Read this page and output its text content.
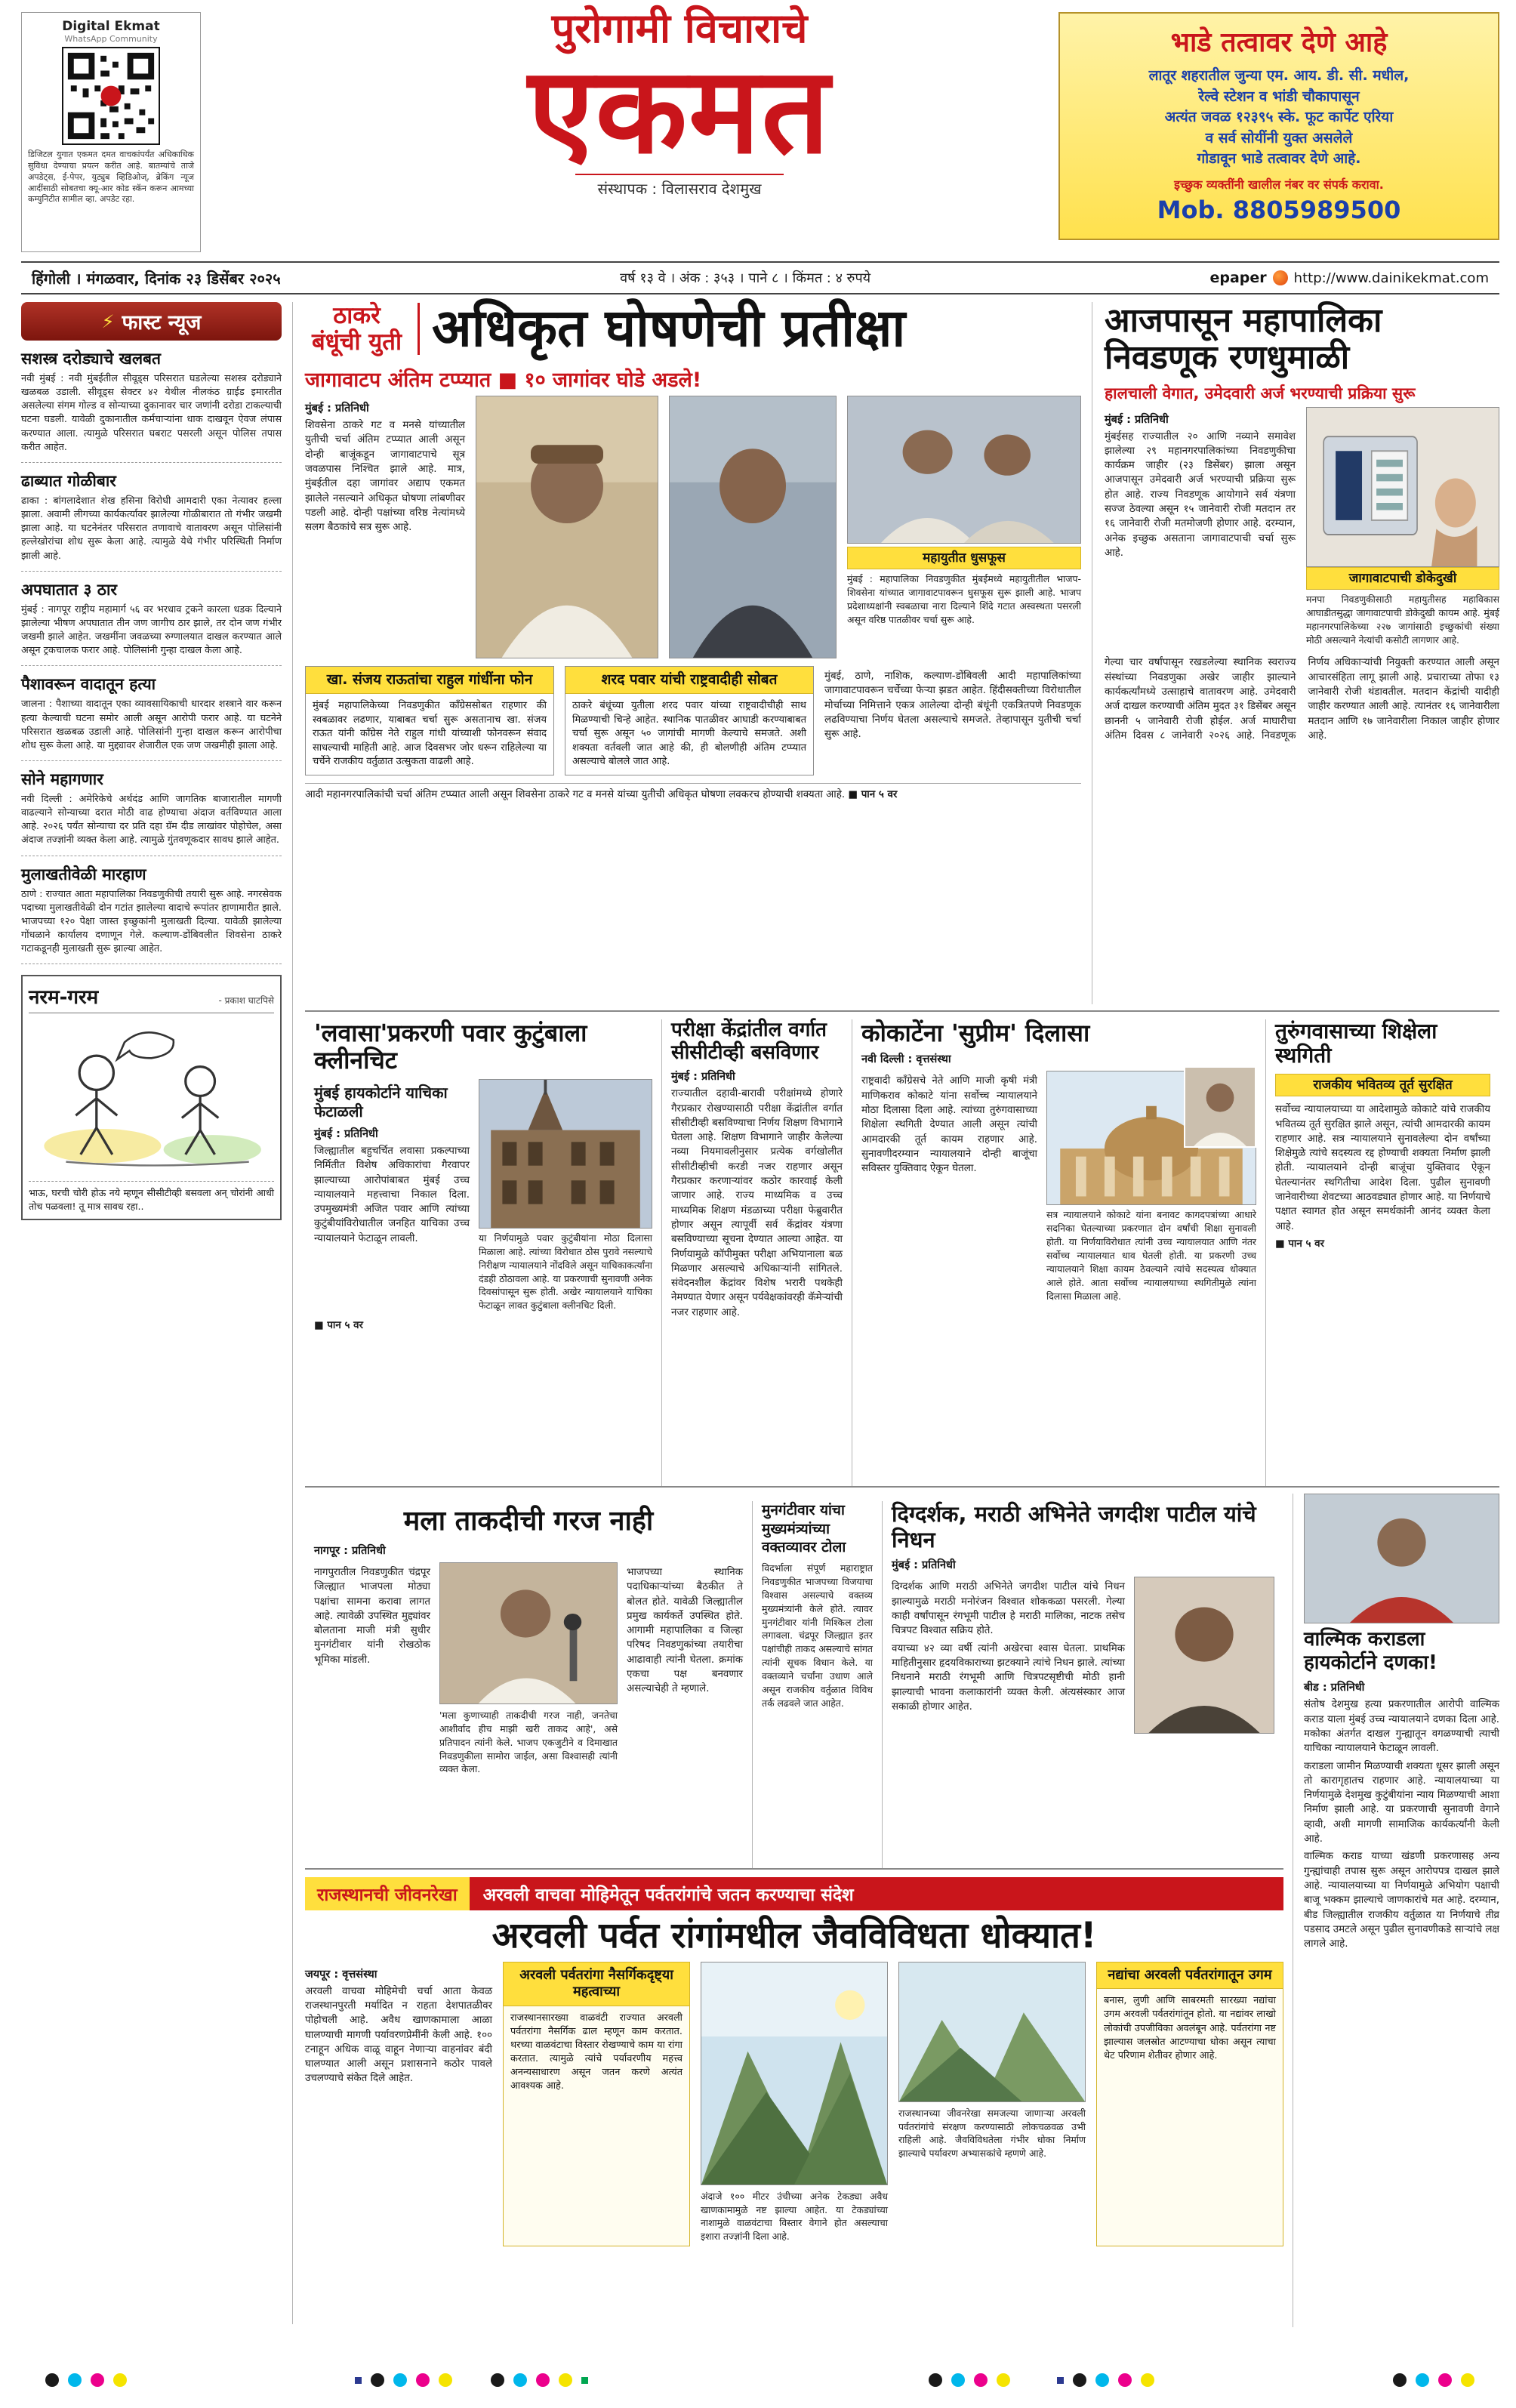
Digital Ekmat
WhatsApp Community

डिजिटल युगात एकमत दमत वाचकांपर्यंत अधिकाधिक सुविधा देण्याचा प्रयत्न करीत आहे. बातम्यांचे ताजे अपडेट्स, ई-पेपर, युट्युब व्हिडिओज्, ब्रेकिंग न्यूज आदींसाठी सोबतचा क्यू-आर कोड स्कॅन करून आमच्या कम्युनिटीत सामील व्हा. अपडेट रहा.

पुरोगामी विचाराचे
एकमत
संस्थापक : विलासराव देशमुख
भाडे तत्वावर देणे आहे
लातूर शहरातील जुन्या एम. आय. डी. सी. मधील,
रेल्वे स्टेशन व भांडी चौकापासून
अत्यंत जवळ १२३९५ स्के. फूट कार्पेट एरिया
व सर्व सोयींनी युक्त असलेले
गोडावून भाडे तत्वावर देणे आहे.
इच्छुक व्यक्तींनी खालील नंबर वर संपर्क करावा.
Mob. 8805989500
हिंगोली । मंगळवार, दिनांक २३ डिसेंबर २०२५	वर्ष १३ वे । अंक : ३५३ । पाने ८ । किंमत : ४ रुपये	epaper http://www.dainikekmat.com
⚡ फास्ट न्यूज
सशस्त्र दरोड्याचे खलबत

नवी मुंबई : नवी मुंबईतील सीवूड्स परिसरात घडलेल्या सशस्त्र दरोड्याने खळबळ उडाली. सीवूड्स सेक्टर ४२ येथील नीलकंठ ग्राईड इमारतीत असलेल्या संगम गोल्ड व सोन्याच्या दुकानावर चार जणांनी दरोडा टाकल्याची घटना घडली. यावेळी दुकानातील कर्मचाऱ्यांना धाक दाखवून ऐवज लंपास करण्यात आला. त्यामुळे परिसरात घबराट पसरली असून पोलिस तपास करीत आहेत.

ढाब्यात गोळीबार

ढाका : बांगलादेशात शेख हसिना विरोधी आमदारी एका नेत्यावर हल्ला झाला. अवामी लीगच्या कार्यकर्त्यावर झालेल्या गोळीबारात तो गंभीर जखमी झाला आहे. या घटनेनंतर परिसरात तणावाचे वातावरण असून पोलिसांनी हल्लेखोरांचा शोध सुरू केला आहे. त्यामुळे येथे गंभीर परिस्थिती निर्माण झाली आहे.

अपघातात ३ ठार

मुंबई : नागपूर राष्ट्रीय महामार्ग ५६ वर भरधाव ट्रकने कारला धडक दिल्याने झालेल्या भीषण अपघातात तीन जण जागीच ठार झाले, तर दोन जण गंभीर जखमी झाले आहेत. जखमींना जवळच्या रुग्णालयात दाखल करण्यात आले असून ट्रकचालक फरार आहे. पोलिसांनी गुन्हा दाखल केला आहे.

पैशावरून वादातून हत्या

जालना : पैशाच्या वादातून एका व्यावसायिकाची धारदार शस्त्राने वार करून हत्या केल्याची घटना समोर आली असून आरोपी फरार आहे. या घटनेने परिसरात खळबळ उडाली आहे. पोलिसांनी गुन्हा दाखल करून आरोपीचा शोध सुरू केला आहे. या मुद्द्यावर शेजारील एक जण जखमीही झाला आहे.

सोने महागणार

नवी दिल्ली : अमेरिकेचे अर्थदंड आणि जागतिक बाजारातील मागणी वाढल्याने सोन्याच्या दरात मोठी वाढ होण्याचा अंदाज वर्तविण्यात आला आहे. २०२६ पर्यंत सोन्याचा दर प्रति दहा ग्रॅम दीड लाखांवर पोहोचेल, असा अंदाज तज्ज्ञांनी व्यक्त केला आहे. त्यामुळे गुंतवणूकदार सावध झाले आहेत.

मुलाखतीवेळी मारहाण

ठाणे : राज्यात आता महापालिका निवडणुकीची तयारी सुरू आहे. नगरसेवक पदाच्या मुलाखतीवेळी दोन गटांत झालेल्या वादाचे रूपांतर हाणामारीत झाले. भाजपच्या १२० पेक्षा जास्त इच्छुकांनी मुलाखती दिल्या. यावेळी झालेल्या गोंधळाने कार्यालय दणाणून गेले. कल्याण-डोंबिवलीत शिवसेना ठाकरे गटाकडूनही मुलाखती सुरू झाल्या आहेत.

नरम-गरम	- प्रकाश घाटपिसे

भाऊ, घरची चोरी होऊ नये म्हणून सीसीटीव्ही बसवला अन् चोरांनी आधी तोच पळवला! तू मात्र सावध रहा..

ठाकरे बंधूंची युती अधिकृत घोषणेची प्रतीक्षा
जागावाटप अंतिम टप्प्यात ■ १० जागांवर घोडे अडले!

मुंबई : प्रतिनिधी

शिवसेना ठाकरे गट व मनसे यांच्यातील युतीची चर्चा अंतिम टप्प्यात आली असून दोन्ही बाजूंकडून जागावाटपाचे सूत्र जवळपास निश्चित झाले आहे. मात्र, मुंबईतील दहा जागांवर अद्याप एकमत झालेले नसल्याने अधिकृत घोषणा लांबणीवर पडली आहे. दोन्ही पक्षांच्या वरिष्ठ नेत्यांमध्ये सलग बैठकांचे सत्र सुरू आहे.

महायुतीत धुसफूस

मुंबई : महापालिका निवडणुकीत मुंबईमध्ये महायुतीतील भाजप-शिवसेना यांच्यात जागावाटपावरून धुसफूस सुरू झाली आहे. भाजप प्रदेशाध्यक्षांनी स्वबळाचा नारा दिल्याने शिंदे गटात अस्वस्थता पसरली असून वरिष्ठ पातळीवर चर्चा सुरू आहे.

खा. संजय राऊतांचा राहुल गांधींना फोन

मुंबई महापालिकेच्या निवडणुकीत काँग्रेससोबत राहणार की स्वबळावर लढणार, याबाबत चर्चा सुरू असतानाच खा. संजय राऊत यांनी काँग्रेस नेते राहुल गांधी यांच्याशी फोनवरून संवाद साधल्याची माहिती आहे. आज दिवसभर जोर धरून राहिलेल्या या चर्चेने राजकीय वर्तुळात उत्सुकता वाढली आहे.

शरद पवार यांची राष्ट्रवादीही सोबत

ठाकरे बंधूंच्या युतीला शरद पवार यांच्या राष्ट्रवादीचीही साथ मिळण्याची चिन्हे आहेत. स्थानिक पातळीवर आघाडी करण्याबाबत चर्चा सुरू असून ५० जागांची मागणी केल्याचे समजते. अशी शक्यता वर्तवली जात आहे की, ही बोलणीही अंतिम टप्प्यात असल्याचे बोलले जात आहे.

मुंबई, ठाणे, नाशिक, कल्याण-डोंबिवली आदी महापालिकांच्या जागावाटपावरून चर्चेच्या फेऱ्या झडत आहेत. हिंदीसक्तीच्या विरोधातील मोर्चाच्या निमित्ताने एकत्र आलेल्या दोन्ही बंधूंनी एकत्रितपणे निवडणूक लढविण्याचा निर्णय घेतला असल्याचे समजते. तेव्हापासून युतीची चर्चा सुरू आहे.

आदी महानगरपालिकांची चर्चा अंतिम टप्प्यात आली असून शिवसेना ठाकरे गट व मनसे यांच्या युतीची अधिकृत घोषणा लवकरच होण्याची शक्यता आहे. ■ पान ५ वर

आजपासून महापालिका निवडणूक रणधुमाळी
हालचाली वेगात, उमेदवारी अर्ज भरण्याची प्रक्रिया सुरू

मुंबई : प्रतिनिधी

मुंबईसह राज्यातील २० आणि नव्याने समावेश झालेल्या २९ महानगरपालिकांच्या निवडणुकीचा कार्यक्रम जाहीर (२३ डिसेंबर) झाला असून आजपासून उमेदवारी अर्ज भरण्याची प्रक्रिया सुरू होत आहे. राज्य निवडणूक आयोगाने सर्व यंत्रणा सज्ज ठेवल्या असून १५ जानेवारी रोजी मतदान तर १६ जानेवारी रोजी मतमोजणी होणार आहे. दरम्यान, अनेक इच्छुक असताना जागावाटपाची चर्चा सुरू आहे.

जागावाटपाची डोकेदुखी

मनपा निवडणुकीसाठी महायुतीसह महाविकास आघाडीतसुद्धा जागावाटपाची डोकेदुखी कायम आहे. मुंबई महानगरपालिकेच्या २२७ जागांसाठी इच्छुकांची संख्या मोठी असल्याने नेत्यांची कसोटी लागणार आहे.

गेल्या चार वर्षांपासून रखडलेल्या स्थानिक स्वराज्य संस्थांच्या निवडणुका अखेर जाहीर झाल्याने कार्यकर्त्यांमध्ये उत्साहाचे वातावरण आहे. उमेदवारी अर्ज दाखल करण्याची अंतिम मुदत ३१ डिसेंबर असून छाननी ५ जानेवारी रोजी होईल. अर्ज माघारीचा अंतिम दिवस ८ जानेवारी २०२६ आहे. निवडणूक निर्णय अधिकाऱ्यांची नियुक्ती करण्यात आली असून आचारसंहिता लागू झाली आहे. प्रचाराच्या तोफा १३ जानेवारी रोजी थंडावतील. मतदान केंद्रांची यादीही जाहीर करण्यात आली आहे. त्यानंतर १६ जानेवारीला मतदान आणि १७ जानेवारीला निकाल जाहीर होणार आहे.

'लवासा'प्रकरणी पवार कुटुंबाला क्लीनचिट
मुंबई हायकोर्टाने याचिका फेटाळली

मुंबई : प्रतिनिधी

जिल्ह्यातील बहुचर्चित लवासा प्रकल्पाच्या निर्मितीत विशेष अधिकारांचा गैरवापर झाल्याच्या आरोपांबाबत मुंबई उच्च न्यायालयाने महत्त्वाचा निकाल दिला. उपमुख्यमंत्री अजित पवार आणि त्यांच्या कुटुंबीयांविरोधातील जनहित याचिका उच्च न्यायालयाने फेटाळून लावली.	या निर्णयामुळे पवार कुटुंबीयांना मोठा दिलासा मिळाला आहे. त्यांच्या विरोधात ठोस पुरावे नसल्याचे निरीक्षण न्यायालयाने नोंदविले असून याचिकाकर्त्यांना दंडही ठोठावला आहे. या प्रकरणाची सुनावणी अनेक दिवसांपासून सुरू होती. अखेर न्यायालयाने याचिका फेटाळून लावत कुटुंबाला क्लीनचिट दिली.

■ पान ५ वर

परीक्षा केंद्रांतील वर्गात सीसीटीव्ही बसविणार

मुंबई : प्रतिनिधी

राज्यातील दहावी-बारावी परीक्षांमध्ये होणारे गैरप्रकार रोखण्यासाठी परीक्षा केंद्रांतील वर्गात सीसीटीव्ही बसविण्याचा निर्णय शिक्षण विभागाने घेतला आहे. शिक्षण विभागाने जाहीर केलेल्या नव्या नियमावलीनुसार प्रत्येक वर्गखोलीत सीसीटीव्हीची करडी नजर राहणार असून गैरप्रकार करणाऱ्यांवर कठोर कारवाई केली जाणार आहे. राज्य माध्यमिक व उच्च माध्यमिक शिक्षण मंडळाच्या परीक्षा फेब्रुवारीत होणार असून त्यापूर्वी सर्व केंद्रांवर यंत्रणा बसविण्याच्या सूचना देण्यात आल्या आहेत. या निर्णयामुळे कॉपीमुक्त परीक्षा अभियानाला बळ मिळणार असल्याचे अधिकाऱ्यांनी सांगितले. संवेदनशील केंद्रांवर विशेष भरारी पथकेही नेमण्यात येणार असून पर्यवेक्षकांवरही कॅमेऱ्यांची नजर राहणार आहे.

कोकाटेंना 'सुप्रीम' दिलासा

नवी दिल्ली : वृत्तसंस्था

राष्ट्रवादी काँग्रेसचे नेते आणि माजी कृषी मंत्री माणिकराव कोकाटे यांना सर्वोच्च न्यायालयाने मोठा दिलासा दिला आहे. त्यांच्या तुरुंगवासाच्या शिक्षेला स्थगिती देण्यात आली असून त्यांची आमदारकी तूर्त कायम राहणार आहे. सुनावणीदरम्यान न्यायालयाने दोन्ही बाजूंचा सविस्तर युक्तिवाद ऐकून घेतला.

सत्र न्यायालयाने कोकाटे यांना बनावट कागदपत्रांच्या आधारे सदनिका घेतल्याच्या प्रकरणात दोन वर्षांची शिक्षा सुनावली होती. या निर्णयाविरोधात त्यांनी उच्च न्यायालयात आणि नंतर सर्वोच्च न्यायालयात धाव घेतली होती. या प्रकरणी उच्च न्यायालयाने शिक्षा कायम ठेवल्याने त्यांचे सदस्यत्व धोक्यात आले होते. आता सर्वोच्च न्यायालयाच्या स्थगितीमुळे त्यांना दिलासा मिळाला आहे.

तुरुंगवासाच्या शिक्षेला स्थगिती
राजकीय भवितव्य तूर्त सुरक्षित

सर्वोच्च न्यायालयाच्या या आदेशामुळे कोकाटे यांचे राजकीय भवितव्य तूर्त सुरक्षित झाले असून, त्यांची आमदारकी कायम राहणार आहे. सत्र न्यायालयाने सुनावलेल्या दोन वर्षांच्या शिक्षेमुळे त्यांचे सदस्यत्व रद्द होण्याची शक्यता निर्माण झाली होती. न्यायालयाने दोन्ही बाजूंचा युक्तिवाद ऐकून घेतल्यानंतर स्थगितीचा आदेश दिला. पुढील सुनावणी जानेवारीच्या शेवटच्या आठवड्यात होणार आहे. या निर्णयाचे पक्षात स्वागत होत असून समर्थकांनी आनंद व्यक्त केला आहे.

■ पान ५ वर

मला ताकदीची गरज नाही

नागपूर : प्रतिनिधी

नागपुरातील निवडणुकीत चंद्रपूर जिल्ह्यात भाजपला मोठ्या पक्षांचा सामना करावा लागत आहे. त्यावेळी उपस्थित मुद्द्यांवर बोलताना माजी मंत्री सुधीर मुनगंटीवार यांनी रोखठोक भूमिका मांडली.

'मला कुणाच्याही ताकदीची गरज नाही, जनतेचा आशीर्वाद हीच माझी खरी ताकद आहे', असे प्रतिपादन त्यांनी केले. भाजप एकजुटीने व दिमाखात निवडणुकीला सामोरा जाईल, असा विश्वासही त्यांनी व्यक्त केला.

भाजपच्या स्थानिक पदाधिकाऱ्यांच्या बैठकीत ते बोलत होते. यावेळी जिल्ह्यातील प्रमुख कार्यकर्ते उपस्थित होते. आगामी महापालिका व जिल्हा परिषद निवडणुकांच्या तयारीचा आढावाही त्यांनी घेतला. क्रमांक एकचा पक्ष बनवणार असल्याचेही ते म्हणाले.

मुनगंटीवार यांचा मुख्यमंत्र्यांच्या वक्तव्यावर टोला

विदर्भाला संपूर्ण महाराष्ट्रात निवडणुकीत भाजपच्या विजयाचा विश्वास असल्याचे वक्तव्य मुख्यमंत्र्यांनी केले होते. त्यावर मुनगंटीवार यांनी मिश्किल टोला लगावला. चंद्रपूर जिल्ह्यात इतर पक्षांचीही ताकद असल्याचे सांगत त्यांनी सूचक विधान केले. या वक्तव्याने चर्चांना उधाण आले असून राजकीय वर्तुळात विविध तर्क लढवले जात आहेत.

दिग्दर्शक, मराठी अभिनेते जगदीश पाटील यांचे निधन

मुंबई : प्रतिनिधी

दिग्दर्शक आणि मराठी अभिनेते जगदीश पाटील यांचे निधन झाल्यामुळे मराठी मनोरंजन विश्वात शोककळा पसरली. गेल्या काही वर्षांपासून रंगभूमी पाटील हे मराठी मालिका, नाटक तसेच चित्रपट विश्वात सक्रिय होते.

वयाच्या ४२ व्या वर्षी त्यांनी अखेरचा श्वास घेतला. प्राथमिक माहितीनुसार हृदयविकाराच्या झटक्याने त्यांचे निधन झाले. त्यांच्या निधनाने मराठी रंगभूमी आणि चित्रपटसृष्टीची मोठी हानी झाल्याची भावना कलाकारांनी व्यक्त केली. अंत्यसंस्कार आज सकाळी होणार आहेत.

वाल्मिक कराडला हायकोर्टाने दणका!

बीड : प्रतिनिधी

संतोष देशमुख हत्या प्रकरणातील आरोपी वाल्मिक कराड याला मुंबई उच्च न्यायालयाने दणका दिला आहे. मकोका अंतर्गत दाखल गुन्ह्यातून वगळण्याची त्याची याचिका न्यायालयाने फेटाळून लावली.

कराडला जामीन मिळण्याची शक्यता धूसर झाली असून तो कारागृहातच राहणार आहे. न्यायालयाच्या या निर्णयामुळे देशमुख कुटुंबीयांना न्याय मिळण्याची आशा निर्माण झाली आहे. या प्रकरणाची सुनावणी वेगाने व्हावी, अशी मागणी सामाजिक कार्यकर्त्यांनी केली आहे.

वाल्मिक कराड याच्या खंडणी प्रकरणासह अन्य गुन्ह्यांचाही तपास सुरू असून आरोपपत्र दाखल झाले आहे. न्यायालयाच्या या निर्णयामुळे अभियोग पक्षाची बाजू भक्कम झाल्याचे जाणकारांचे मत आहे. दरम्यान, बीड जिल्ह्यातील राजकीय वर्तुळात या निर्णयाचे तीव्र पडसाद उमटले असून पुढील सुनावणीकडे साऱ्यांचे लक्ष लागले आहे.

राजस्थानची जीवनरेखा	अरवली वाचवा मोहिमेतून पर्वतरांगांचे जतन करण्याचा संदेश
अरवली पर्वत रांगांमधील जैवविविधता धोक्यात!

जयपूर : वृत्तसंस्था

अरवली वाचवा मोहिमेची चर्चा आता केवळ राजस्थानपुरती मर्यादित न राहता देशपातळीवर पोहोचली आहे. अवैध खाणकामाला आळा घालण्याची मागणी पर्यावरणप्रेमींनी केली आहे. १०० टनाहून अधिक वाळू वाहून नेणाऱ्या वाहनांवर बंदी घालण्यात आली असून प्रशासनाने कठोर पावले उचलण्याचे संकेत दिले आहेत.

अरवली पर्वतरांगा नैसर्गिकदृष्ट्या महत्वाच्या

राजस्थानसारख्या वाळवंटी राज्यात अरवली पर्वतरांगा नैसर्गिक ढाल म्हणून काम करतात. थरच्या वाळवंटाचा विस्तार रोखण्याचे काम या रांगा करतात. त्यामुळे त्यांचे पर्यावरणीय महत्त्व अनन्यसाधारण असून जतन करणे अत्यंत आवश्यक आहे.

अंदाजे १०० मीटर उंचीच्या अनेक टेकड्या अवैध खाणकामामुळे नष्ट झाल्या आहेत. या टेकड्यांच्या नाशामुळे वाळवंटाचा विस्तार वेगाने होत असल्याचा इशारा तज्ज्ञांनी दिला आहे.

राजस्थानच्या जीवनरेखा समजल्या जाणाऱ्या अरवली पर्वतरांगांचे संरक्षण करण्यासाठी लोकचळवळ उभी राहिली आहे. जैवविविधतेला गंभीर धोका निर्माण झाल्याचे पर्यावरण अभ्यासकांचे म्हणणे आहे.

नद्यांचा अरवली पर्वतरांगातून उगम

बनास, लुणी आणि साबरमती सारख्या नद्यांचा उगम अरवली पर्वतरांगांतून होतो. या नद्यांवर लाखो लोकांची उपजीविका अवलंबून आहे. पर्वतरांगा नष्ट झाल्यास जलस्रोत आटण्याचा धोका असून त्याचा थेट परिणाम शेतीवर होणार आहे.
